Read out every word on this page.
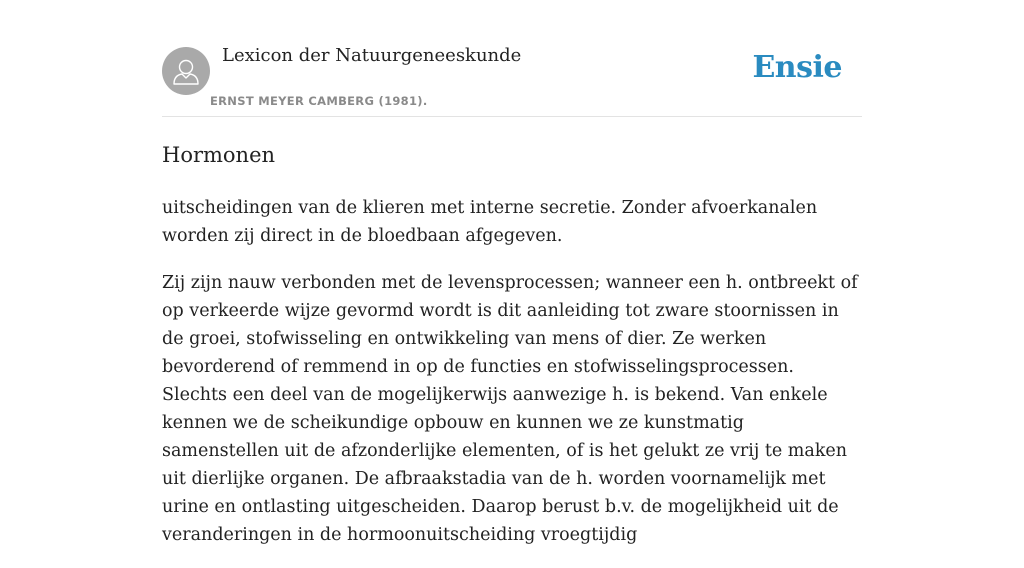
Lexicon der Natuurgeneeskunde
ERNST MEYER CAMBERG (1981).
Ensie
Hormonen

uitscheidingen van de klieren met interne secretie. Zonder afvoerkanalen worden zij direct in de bloedbaan afgegeven.

Zij zijn nauw verbonden met de levensprocessen; wanneer een h. ontbreekt of op verkeerde wijze gevormd wordt is dit aanleiding tot zware stoornissen in de groei, stofwisseling en ontwikkeling van mens of dier. Ze werken bevorderend of remmend in op de functies en stofwisselingsprocessen. Slechts een deel van de mogelijkerwijs aanwezige h. is bekend. Van enkele kennen we de scheikundige opbouw en kunnen we ze kunstmatig samenstellen uit de afzonderlijke elementen, of is het gelukt ze vrij te maken uit dierlijke organen. De afbraakstadia van de h. worden voornamelijk met urine en ontlasting uitgescheiden. Daarop berust b.v. de mogelijkheid uit de veranderingen in de hormoonuitscheiding vroegtijdig
